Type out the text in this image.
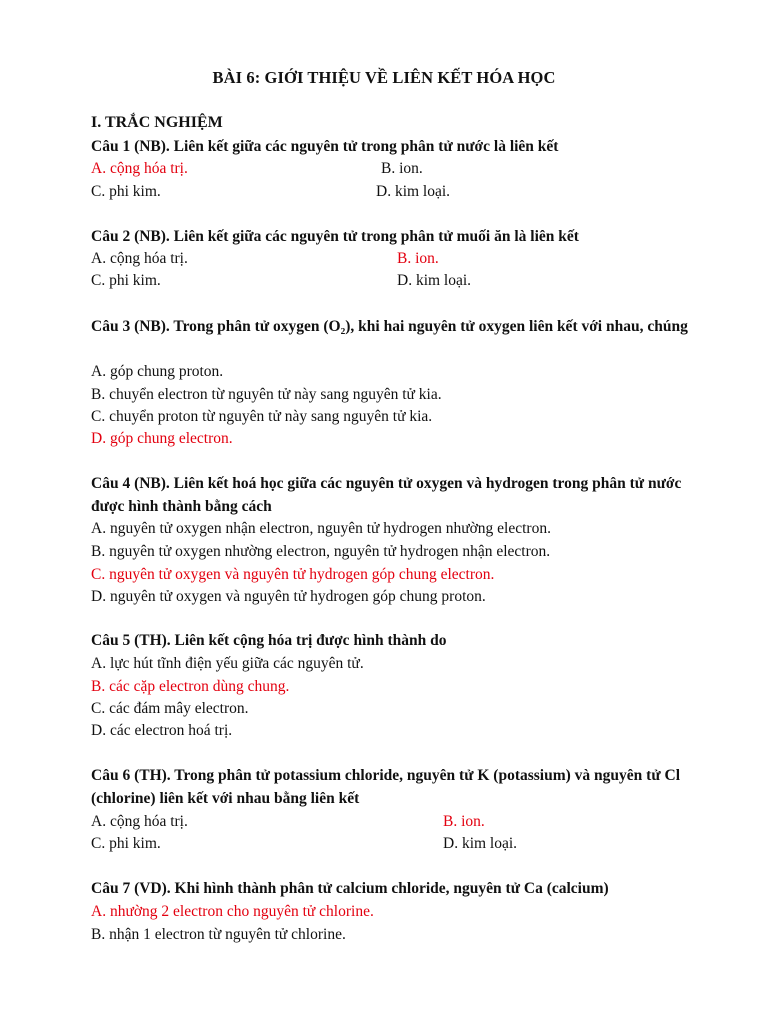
BÀI 6: GIỚI THIỆU VỀ LIÊN KẾT HÓA HỌC
I. TRẮC NGHIỆM
Câu 1 (NB). Liên kết giữa các nguyên tử trong phân tử nước là liên kết
A. cộng hóa trị.	B. ion.
C. phi kim.	D. kim loại.
Câu 2 (NB). Liên kết giữa các nguyên tử trong phân tử muối ăn là liên kết
A. cộng hóa trị.	B. ion.
C. phi kim.	D. kim loại.
Câu 3 (NB). Trong phân tử oxygen (O₂), khi hai nguyên tử oxygen liên kết với nhau, chúng
A. góp chung proton.
B. chuyển electron từ nguyên tử này sang nguyên tử kia.
C. chuyển proton từ nguyên tử này sang nguyên tử kia.
D. góp chung electron.
Câu 4 (NB). Liên kết hoá học giữa các nguyên tử oxygen và hydrogen trong phân tử nước được hình thành bằng cách
A. nguyên tử oxygen nhận electron, nguyên tử hydrogen nhường electron.
B. nguyên tử oxygen nhường electron, nguyên tử hydrogen nhận electron.
C. nguyên tử oxygen và nguyên tử hydrogen góp chung electron.
D. nguyên tử oxygen và nguyên tử hydrogen góp chung proton.
Câu 5 (TH). Liên kết cộng hóa trị được hình thành do
A. lực hút tĩnh điện yếu giữa các nguyên tử.
B. các cặp electron dùng chung.
C. các đám mây electron.
D. các electron hoá trị.
Câu 6 (TH). Trong phân tử potassium chloride, nguyên tử K (potassium) và nguyên tử Cl (chlorine) liên kết với nhau bằng liên kết
A. cộng hóa trị.	B. ion.
C. phi kim.	D. kim loại.
Câu 7 (VD). Khi hình thành phân tử calcium chloride, nguyên tử Ca (calcium)
A. nhường 2 electron cho nguyên tử chlorine.
B. nhận 1 electron từ nguyên tử chlorine.
